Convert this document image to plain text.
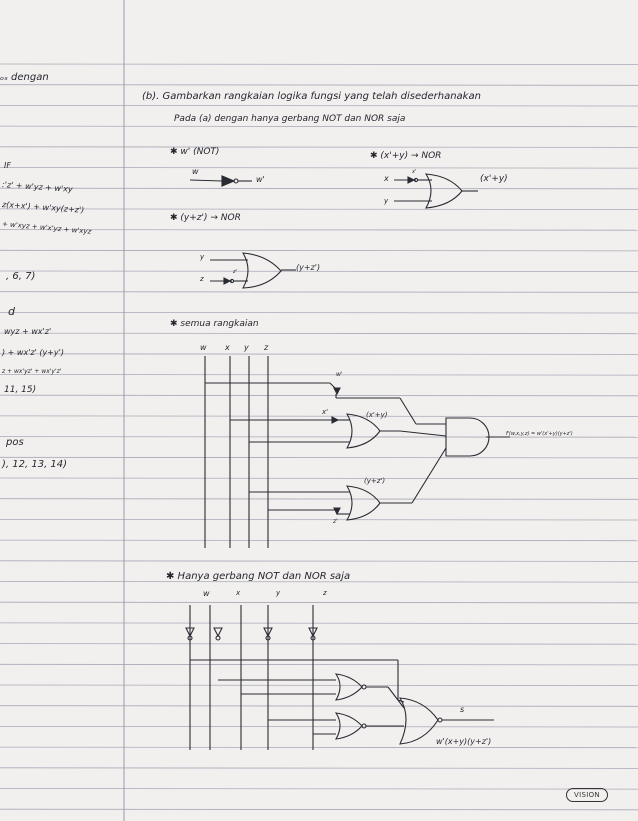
ₒₛ dengan
IF
:'z' + w'yz + w'xy
z(x+x') + w'xy(z+z')
+ w'xyz + w'x'yz + w'xyz
, 6, 7)
d
wyz + wx'z'
) + wx'z' (y+y')
z + wx'yz' + wx'y'z'
11, 15)
pos
), 12, 13, 14)
(b). Gambarkan rangkaian logika fungsi yang telah disederhanakan
Pada (a) dengan hanya gerbang NOT dan NOR saja
✱ w' (NOT)
w
w'
✱ (x'+y) → NOR
x
x'
y
(x'+y)
✱ (y+z') → NOR
y
z
z'	(y+z')
✱ semua rangkaian
w x y z
w'
x'	(x'+y)
(y+z')
z'
F(w,x,y,z) = w'(x'+y)(y+z')
✱ Hanya gerbang NOT dan NOR saja
w	x	y	z
s
w'(x+y)(y+z')
VISION
